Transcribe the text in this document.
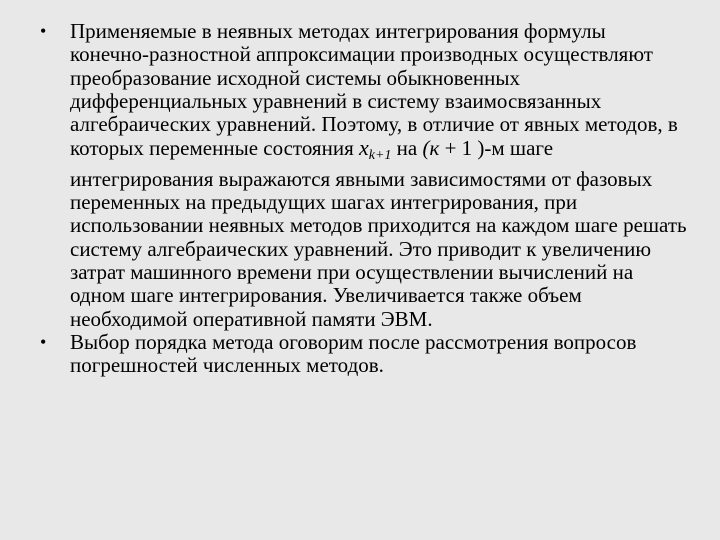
• Применяемые в неявных методах интегрирования формулы конечно-разностной аппроксимации производных осуществляют преобразование исходной системы обыкновенных дифференциальных уравнений в систему взаимосвязанных алгебраических уравнений. Поэтому, в отличие от явных методов, в которых переменные состояния xk+1 на (к + 1 )-м шаге интегрирования выражаются явными зависимостями от фазовых переменных на предыдущих шагах интегрирования, при использовании неявных методов приходится на каждом шаге решать систему алгебраических уравнений. Это приводит к увеличению затрат машинного времени при осуществлении вычислений на одном шаге интегрирования. Увеличивается также объем необходимой оперативной памяти ЭВМ.
• Выбор порядка метода оговорим после рассмотрения вопросов погрешностей численных методов.
